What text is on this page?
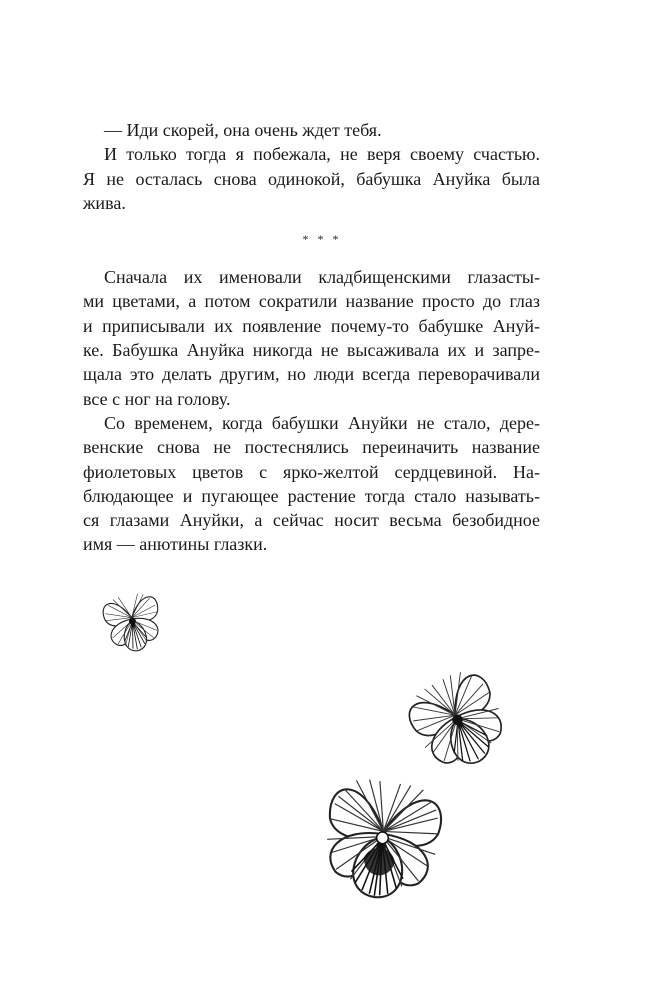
— Иди скорей, она очень ждет тебя.
И только тогда я побежала, не веря своему счастью.
Я не осталась снова одинокой, бабушка Ануйка была
жива.
* * *
Сначала их именовали кладбищенскими глазасты-
ми цветами, а потом сократили название просто до глаз
и приписывали их появление почему-то бабушке Ануй-
ке. Бабушка Ануйка никогда не высаживала их и запре-
щала это делать другим, но люди всегда переворачивали
все с ног на голову.
Со временем, когда бабушки Ануйки не стало, дере-
венские снова не постеснялись переиначить название
фиолетовых цветов с ярко-желтой сердцевиной. На-
блюдающее и пугающее растение тогда стало называть-
ся глазами Ануйки, а сейчас носит весьма безобидное
имя — анютины глазки.
